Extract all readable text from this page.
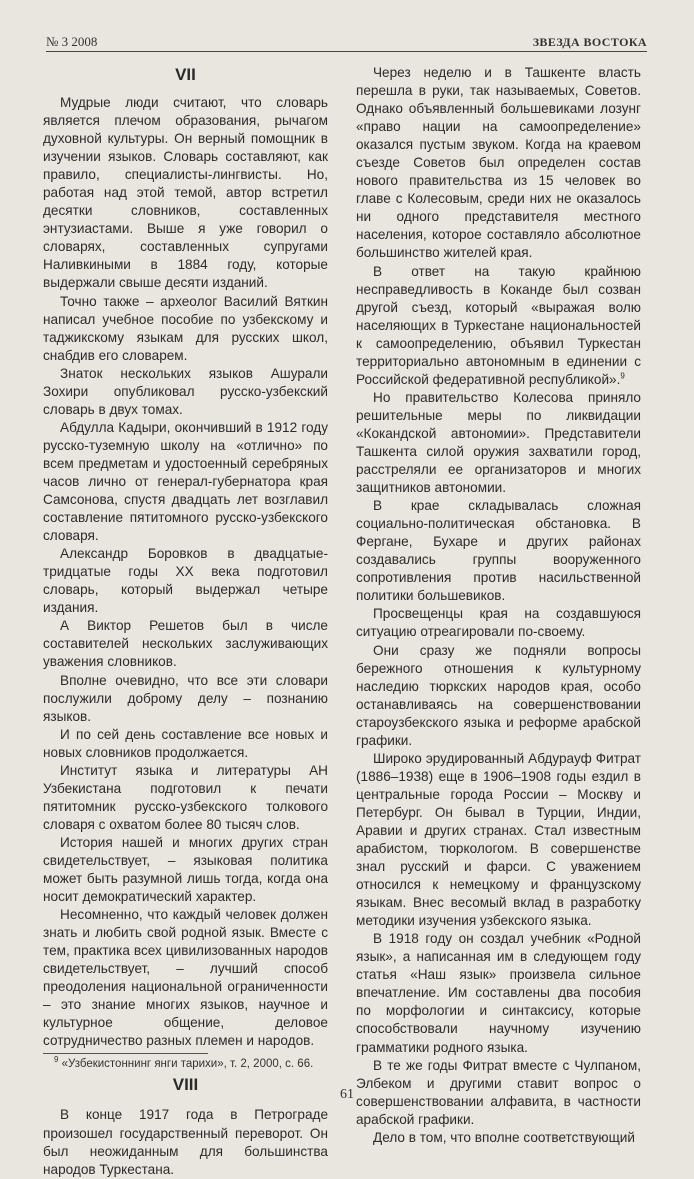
№ 3 2008	ЗВЕЗДА ВОСТОКА
VII

Мудрые люди считают, что словарь является плечом образования, рычагом духовной культуры. Он верный помощник в изучении языков. Словарь составляют, как правило, специалисты-лингвисты. Но, работая над этой темой, автор встретил десятки словников, составленных энтузиастами. Выше я уже говорил о словарях, составленных супругами Наливкиными в 1884 году, которые выдержали свыше десяти изданий.

Точно также – археолог Василий Вяткин написал учебное пособие по узбекскому и таджикскому языкам для русских школ, снабдив его словарем.

Знаток нескольких языков Ашурали Зохири опубликовал русско-узбекский словарь в двух томах.

Абдулла Кадыри, окончивший в 1912 году русско-туземную школу на «отлично» по всем предметам и удостоенный серебряных часов лично от генерал-губернатора края Самсонова, спустя двадцать лет возглавил составление пятитомного русско-узбекского словаря.

Александр Боровков в двадцатые-тридцатые годы XX века подготовил словарь, который выдержал четыре издания.

А Виктор Решетов был в числе составителей нескольких заслуживающих уважения словников.

Вполне очевидно, что все эти словари послужили доброму делу – познанию языков.

И по сей день составление все новых и новых словников продолжается.

Институт языка и литературы АН Узбекистана подготовил к печати пятитомник русско-узбекского толкового словаря с охватом более 80 тысяч слов.

История нашей и многих других стран свидетельствует, – языковая политика может быть разумной лишь тогда, когда она носит демократический характер.

Несомненно, что каждый человек должен знать и любить свой родной язык. Вместе с тем, практика всех цивилизованных народов свидетельствует, – лучший способ преодоления национальной ограниченности – это знание многих языков, научное и культурное общение, деловое сотрудничество разных племен и народов.

VIII

В конце 1917 года в Петрограде произошел государственный переворот. Он был неожиданным для большинства народов Туркестана.

Через неделю и в Ташкенте власть перешла в руки, так называемых, Советов. Однако объявленный большевиками лозунг «право нации на самоопределение» оказался пустым звуком. Когда на краевом съезде Советов был определен состав нового правительства из 15 человек во главе с Колесовым, среди них не оказалось ни одного представителя местного населения, которое составляло абсолютное большинство жителей края.

В ответ на такую крайнюю несправедливость в Коканде был созван другой съезд, который «выражая волю населяющих в Туркестане национальностей к самоопределению, объявил Туркестан территориально автономным в единении с Российской федеративной республикой».$^9$

Но правительство Колесова приняло решительные меры по ликвидации «Кокандской автономии». Представители Ташкента силой оружия захватили город, расстреляли ее организаторов и многих защитников автономии.

В крае складывалась сложная социально-политическая обстановка. В Фергане, Бухаре и других районах создавались группы вооруженного сопротивления против насильственной политики большевиков.

Просвещенцы края на создавшуюся ситуацию отреагировали по-своему.

Они сразу же подняли вопросы бережного отношения к культурному наследию тюркских народов края, особо останавливаясь на совершенствовании староузбекского языка и реформе арабской графики.

Широко эрудированный Абдурауф Фитрат (1886–1938) еще в 1906–1908 годы ездил в центральные города России – Москву и Петербург. Он бывал в Турции, Индии, Аравии и других странах. Стал известным арабистом, тюркологом. В совершенстве знал русский и фарси. С уважением относился к немецкому и французскому языкам. Внес весомый вклад в разработку методики изучения узбекского языка.

В 1918 году он создал учебник «Родной язык», а написанная им в следующем году статья «Наш язык» произвела сильное впечатление. Им составлены два пособия по морфологии и синтаксису, которые способствовали научному изучению грамматики родного языка.

В те же годы Фитрат вместе с Чулпаном, Элбеком и другими ставит вопрос о совершенствовании алфавита, в частности арабской графики.

Дело в том, что вполне соответствующий

$^9$ «Узбекистоннинг янги тарихи», т. 2, 2000, с. 66.
61
